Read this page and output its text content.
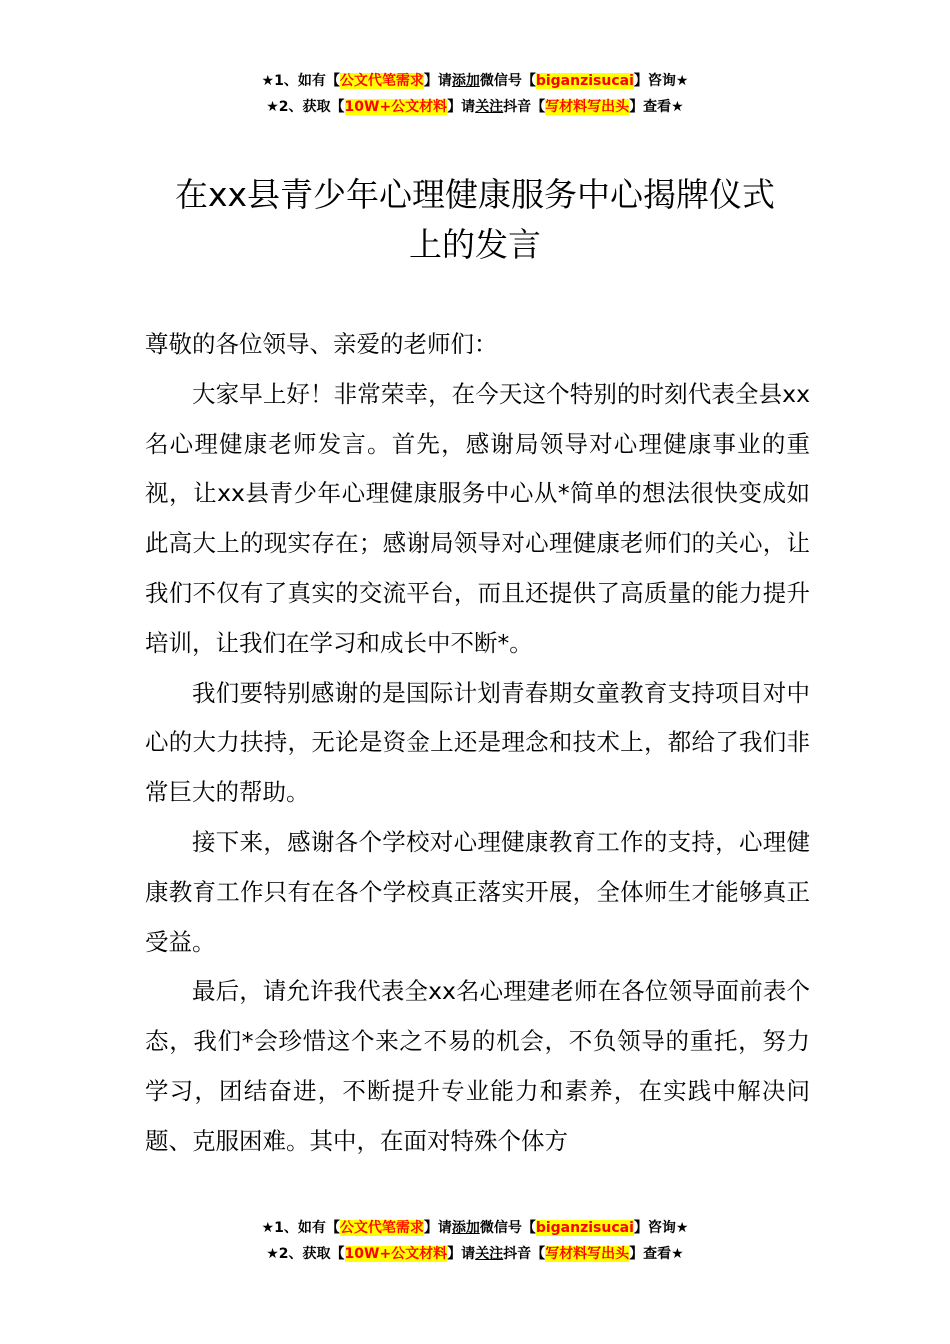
★1、如有【公文代笔需求】请添加微信号【biganzisucai】咨询★
★2、获取【10W+公文材料】请关注抖音【写材料写出头】查看★
在xx县青少年心理健康服务中心揭牌仪式
上的发言

尊敬的各位领导、亲爱的老师们：

大家早上好！非常荣幸，在今天这个特别的时刻代表全县xx名心理健康老师发言。首先，感谢局领导对心理健康事业的重视，让xx县青少年心理健康服务中心从*简单的想法很快变成如此高大上的现实存在；感谢局领导对心理健康老师们的关心，让我们不仅有了真实的交流平台，而且还提供了高质量的能力提升培训，让我们在学习和成长中不断*。

我们要特别感谢的是国际计划青春期女童教育支持项目对中心的大力扶持，无论是资金上还是理念和技术上，都给了我们非常巨大的帮助。

接下来，感谢各个学校对心理健康教育工作的支持，心理健康教育工作只有在各个学校真正落实开展，全体师生才能够真正受益。

最后，请允许我代表全xx名心理建老师在各位领导面前表个态，我们*会珍惜这个来之不易的机会，不负领导的重托，努力学习，团结奋进，不断提升专业能力和素养，在实践中解决问题、克服困难。其中，在面对特殊个体方

★1、如有【公文代笔需求】请添加微信号【biganzisucai】咨询★
★2、获取【10W+公文材料】请关注抖音【写材料写出头】查看★
